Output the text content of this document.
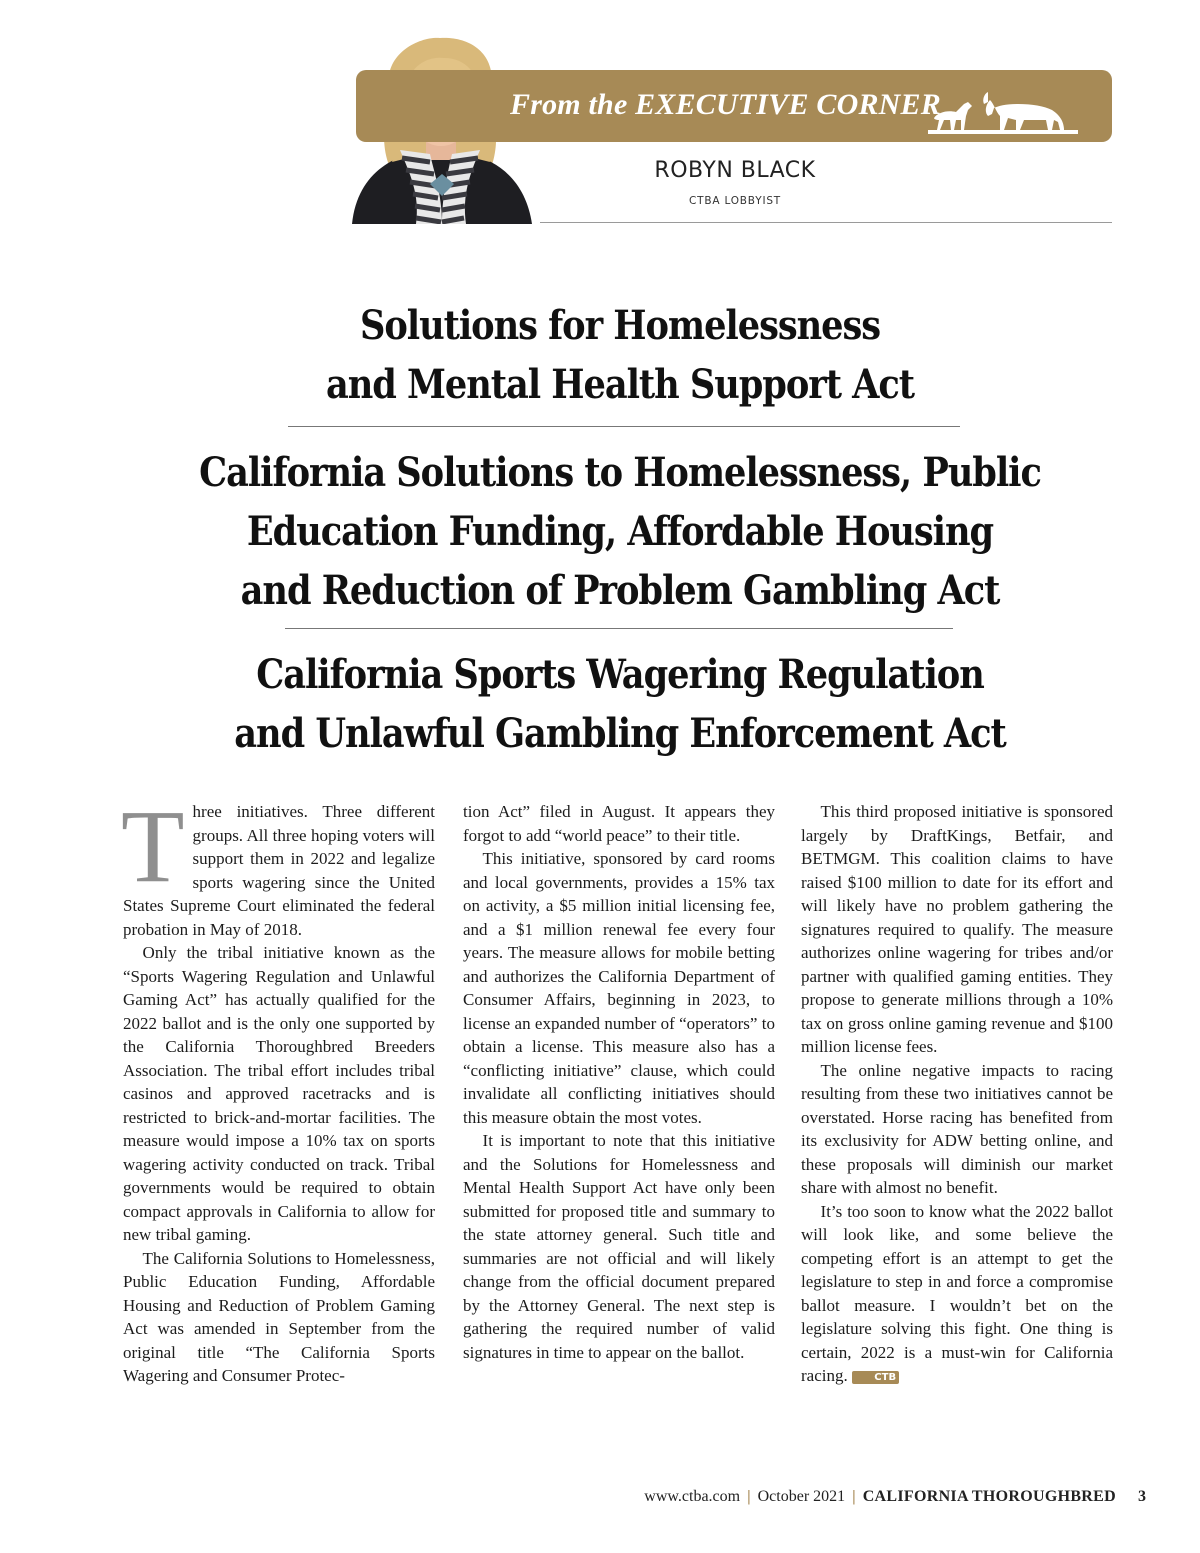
From the EXECUTIVE CORNER
ROBYN BLACK
CTBA LOBBYIST
Solutions for Homelessness
and Mental Health Support Act
California Solutions to Homelessness, Public
Education Funding, Affordable Housing
and Reduction of Problem Gambling Act
California Sports Wagering Regulation
and Unlawful Gambling Enforcement Act

Three initiatives. Three different groups. All three hoping voters will support them in 2022 and legalize sports wagering since the United States Supreme Court eliminated the federal probation in May of 2018.

Only the tribal initiative known as the “Sports Wagering Regulation and Unlawful Gaming Act” has actually qualified for the 2022 ballot and is the only one supported by the California Thoroughbred Breeders Association. The tribal effort includes tribal casinos and approved racetracks and is restricted to brick-and-mortar facilities. The measure would impose a 10% tax on sports wagering activity conducted on track. Tribal governments would be required to obtain compact approvals in California to allow for new tribal gaming.

The California Solutions to Homelessness, Public Education Funding, Affordable Housing and Reduction of Problem Gaming Act was amended in September from the original title “The California Sports Wagering and Consumer Protec-

tion Act” filed in August. It appears they forgot to add “world peace” to their title.

This initiative, sponsored by card rooms and local governments, provides a 15% tax on activity, a $5 million initial licensing fee, and a $1 million renewal fee every four years. The measure allows for mobile betting and authorizes the California Department of Consumer Affairs, beginning in 2023, to license an expanded number of “operators” to obtain a license. This measure also has a “conflicting initiative” clause, which could invalidate all conflicting initiatives should this measure obtain the most votes.

It is important to note that this initiative and the Solutions for Homelessness and Mental Health Support Act have only been submitted for proposed title and summary to the state attorney general. Such title and summaries are not official and will likely change from the official document prepared by the Attorney General. The next step is gathering the required number of valid signatures in time to appear on the ballot.

This third proposed initiative is sponsored largely by DraftKings, Betfair, and BETMGM. This coalition claims to have raised $100 million to date for its effort and will likely have no problem gathering the signatures required to qualify. The measure authorizes online wagering for tribes and/or partner with qualified gaming entities. They propose to generate millions through a 10% tax on gross online gaming revenue and $100 million license fees.

The online negative impacts to racing resulting from these two initiatives cannot be overstated. Horse racing has benefited from its exclusivity for ADW betting online, and these proposals will diminish our market share with almost no benefit.

It’s too soon to know what the 2022 ballot will look like, and some believe the competing effort is an attempt to get the legislature to step in and force a compromise ballot measure. I wouldn’t bet on the legislature solving this fight. One thing is certain, 2022 is a must-win for California racing.	CTB

www.ctba.com | October 2021 | CALIFORNIA THOROUGHBRED 3
